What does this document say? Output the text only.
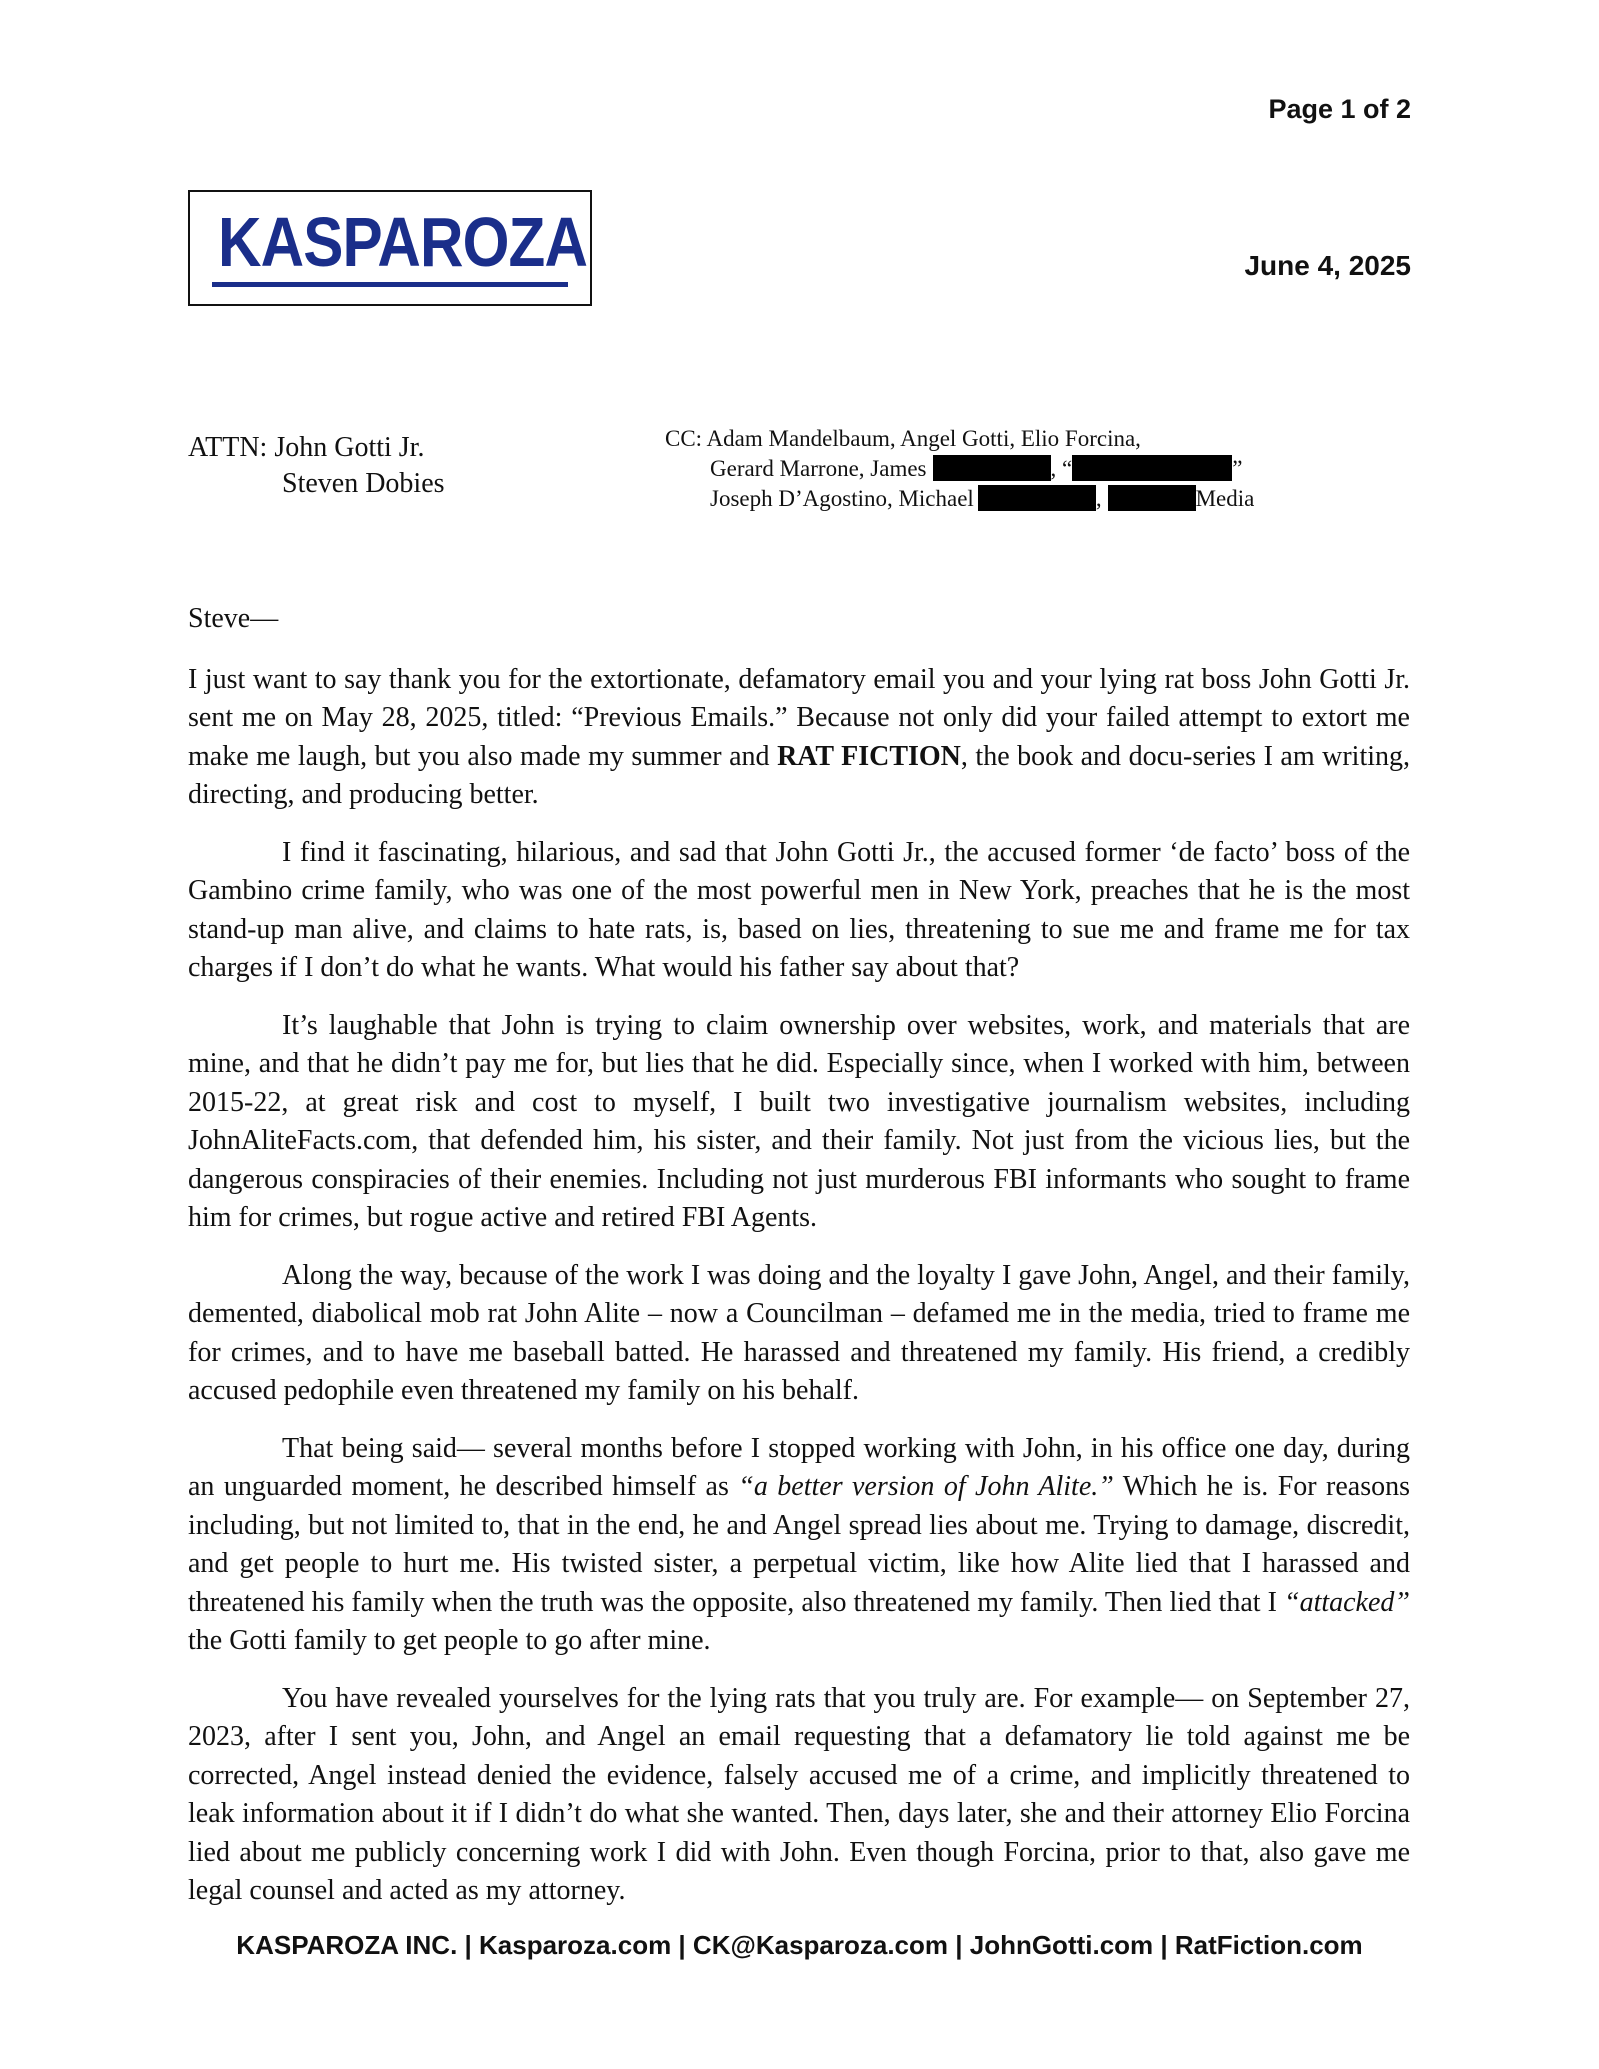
Page 1 of 2
KASPAROZA	June 4, 2025
ATTN: John Gotti Jr.
Steven Dobies
CC: Adam Mandelbaum, Angel Gotti, Elio Forcina,
Gerard Marrone, James	, “	”
Joseph D’Agostino, Michael	,	Media

Steve—

I just want to say thank you for the extortionate, defamatory email you and your lying rat boss John Gotti Jr. sent me on May 28, 2025, titled: “Previous Emails.” Because not only did your failed attempt to extort me make me laugh, but you also made my summer and RAT FICTION, the book and docu-series I am writing, directing, and producing better.

I find it fascinating, hilarious, and sad that John Gotti Jr., the accused former ‘de facto’ boss of the Gambino crime family, who was one of the most powerful men in New York, preaches that he is the most stand-up man alive, and claims to hate rats, is, based on lies, threatening to sue me and frame me for tax charges if I don’t do what he wants. What would his father say about that?

It’s laughable that John is trying to claim ownership over websites, work, and materials that are mine, and that he didn’t pay me for, but lies that he did. Especially since, when I worked with him, between 2015-22, at great risk and cost to myself, I built two investigative journalism websites, including JohnAliteFacts.com, that defended him, his sister, and their family. Not just from the vicious lies, but the dangerous conspiracies of their enemies. Including not just murderous FBI informants who sought to frame him for crimes, but rogue active and retired FBI Agents.

Along the way, because of the work I was doing and the loyalty I gave John, Angel, and their family, demented, diabolical mob rat John Alite – now a Councilman – defamed me in the media, tried to frame me for crimes, and to have me baseball batted. He harassed and threatened my family. His friend, a credibly accused pedophile even threatened my family on his behalf.

That being said— several months before I stopped working with John, in his office one day, during an unguarded moment, he described himself as “a better version of John Alite.” Which he is. For reasons including, but not limited to, that in the end, he and Angel spread lies about me. Trying to damage, discredit, and get people to hurt me. His twisted sister, a perpetual victim, like how Alite lied that I harassed and threatened his family when the truth was the opposite, also threatened my family. Then lied that I “attacked” the Gotti family to get people to go after mine.

You have revealed yourselves for the lying rats that you truly are. For example— on September 27, 2023, after I sent you, John, and Angel an email requesting that a defamatory lie told against me be corrected, Angel instead denied the evidence, falsely accused me of a crime, and implicitly threatened to leak information about it if I didn’t do what she wanted. Then, days later, she and their attorney Elio Forcina lied about me publicly concerning work I did with John. Even though Forcina, prior to that, also gave me legal counsel and acted as my attorney.

KASPAROZA INC. | Kasparoza.com | CK@Kasparoza.com | JohnGotti.com | RatFiction.com
